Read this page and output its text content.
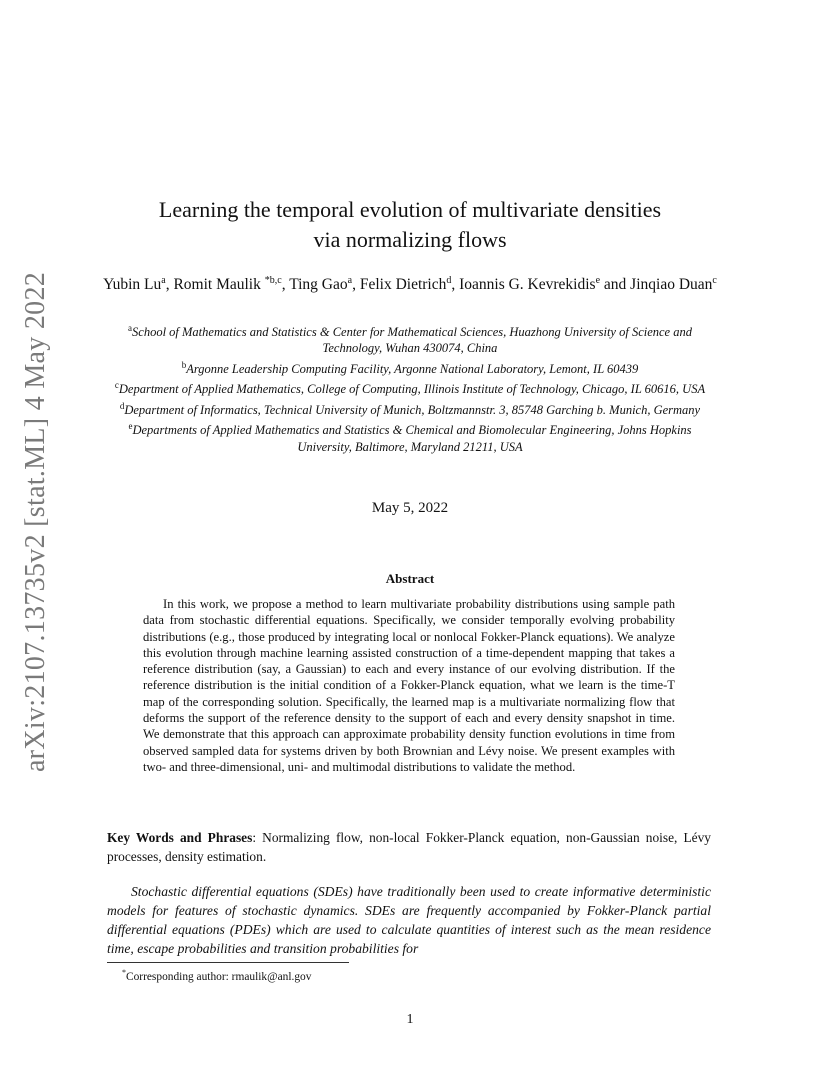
arXiv:2107.13735v2 [stat.ML] 4 May 2022
Learning the temporal evolution of multivariate densities
via normalizing flows
Yubin Lu$^a$, Romit Maulik $^{*b,c}$, Ting Gao$^a$, Felix Dietrich$^d$, Ioannis G. Kevrekidis$^e$ and Jinqiao Duan$^c$

$^a$School of Mathematics and Statistics & Center for Mathematical Sciences, Huazhong University of Science and Technology, Wuhan 430074, China

$^b$Argonne Leadership Computing Facility, Argonne National Laboratory, Lemont, IL 60439

$^c$Department of Applied Mathematics, College of Computing, Illinois Institute of Technology, Chicago, IL 60616, USA

$^d$Department of Informatics, Technical University of Munich, Boltzmannstr. 3, 85748 Garching b. Munich, Germany

$^e$Departments of Applied Mathematics and Statistics & Chemical and Biomolecular Engineering, Johns Hopkins University, Baltimore, Maryland 21211, USA

May 5, 2022
Abstract

In this work, we propose a method to learn multivariate probability distributions using sample path data from stochastic differential equations. Specifically, we consider temporally evolving probability distributions (e.g., those produced by integrating local or nonlocal Fokker-Planck equations). We analyze this evolution through machine learning assisted construction of a time-dependent mapping that takes a reference distribution (say, a Gaussian) to each and every instance of our evolving distribution. If the reference distribution is the initial condition of a Fokker-Planck equation, what we learn is the time-T map of the corresponding solution. Specifically, the learned map is a multivariate normalizing flow that deforms the support of the reference density to the support of each and every density snapshot in time. We demonstrate that this approach can approximate probability density function evolutions in time from observed sampled data for systems driven by both Brownian and Lévy noise. We present examples with two- and three-dimensional, uni- and multimodal distributions to validate the method.

Key Words and Phrases: Normalizing flow, non-local Fokker-Planck equation, non-Gaussian noise, Lévy processes, density estimation.

Stochastic differential equations (SDEs) have traditionally been used to create informative deterministic models for features of stochastic dynamics. SDEs are frequently accompanied by Fokker-Planck partial differential equations (PDEs) which are used to calculate quantities of interest such as the mean residence time, escape probabilities and transition probabilities for

*Corresponding author: rmaulik@anl.gov
1
